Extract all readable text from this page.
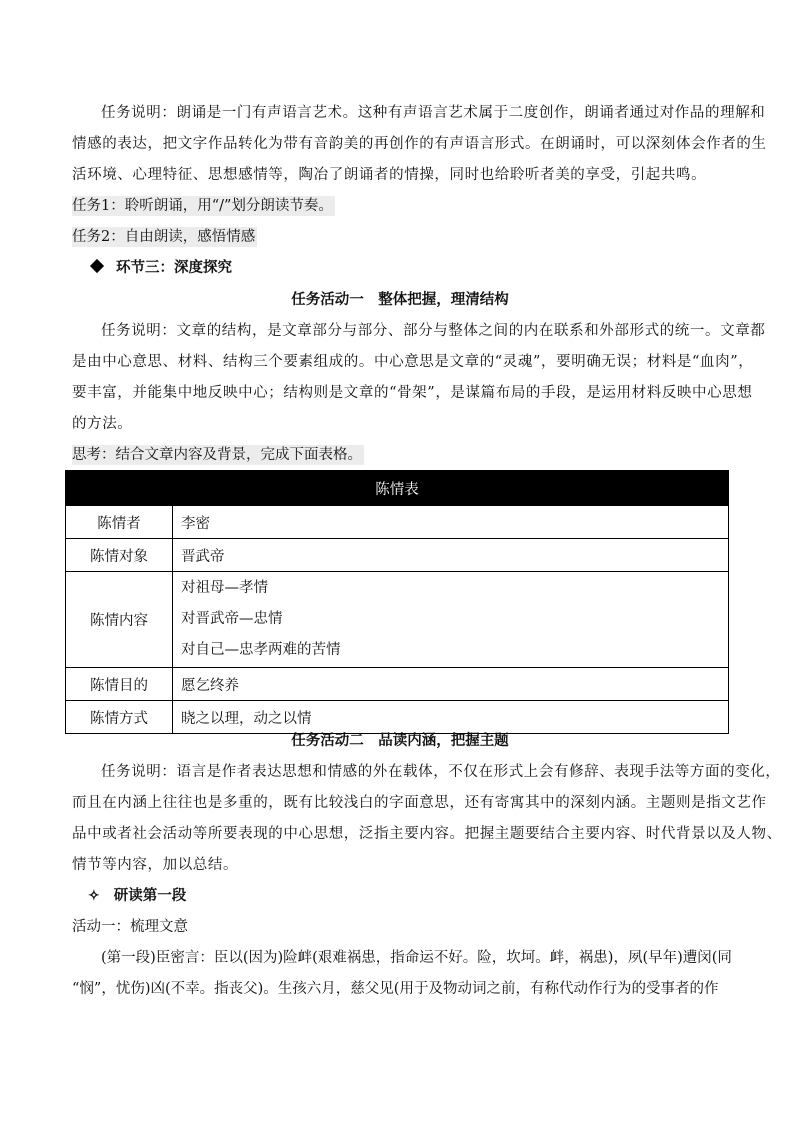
任务说明：朗诵是一门有声语言艺术。这种有声语言艺术属于二度创作，朗诵者通过对作品的理解和
情感的表达，把文字作品转化为带有音韵美的再创作的有声语言形式。在朗诵时，可以深刻体会作者的生
活环境、心理特征、思想感情等，陶冶了朗诵者的情操，同时也给聆听者美的享受，引起共鸣。
任务1：聆听朗诵，用“/”划分朗读节奏。
任务2：自由朗读，感悟情感
环节三：深度探究
任务活动一　整体把握，理清结构
任务说明：文章的结构，是文章部分与部分、部分与整体之间的内在联系和外部形式的统一。文章都
是由中心意思、材料、结构三个要素组成的。中心意思是文章的“灵魂”，要明确无误；材料是“血肉”，
要丰富，并能集中地反映中心；结构则是文章的“骨架”，是谋篇布局的手段，是运用材料反映中心思想
的方法。
思考：结合文章内容及背景，完成下面表格。
陈情表	
陈情者	李密
陈情对象	晋武帝
陈情内容	对祖母—孝情
对晋武帝—忠情
对自己—忠孝两难的苦情

陈情目的	愿乞终养
陈情方式	晓之以理，动之以情
任务活动二　品读内涵，把握主题
任务说明：语言是作者表达思想和情感的外在载体，不仅在形式上会有修辞、表现手法等方面的变化，
而且在内涵上往往也是多重的，既有比较浅白的字面意思，还有寄寓其中的深刻内涵。主题则是指文艺作
品中或者社会活动等所要表现的中心思想，泛指主要内容。把握主题要结合主要内容、时代背景以及人物、
情节等内容，加以总结。
✧ 研读第一段
活动一：梳理文意
(第一段)臣密言：臣以(因为)险衅(艰难祸患，指命运不好。险，坎坷。衅，祸患)，夙(早年)遭闵(同
“悯”，忧伤)凶(不幸。指丧父)。生孩六月，慈父见(用于及物动词之前，有称代动作行为的受事者的作
